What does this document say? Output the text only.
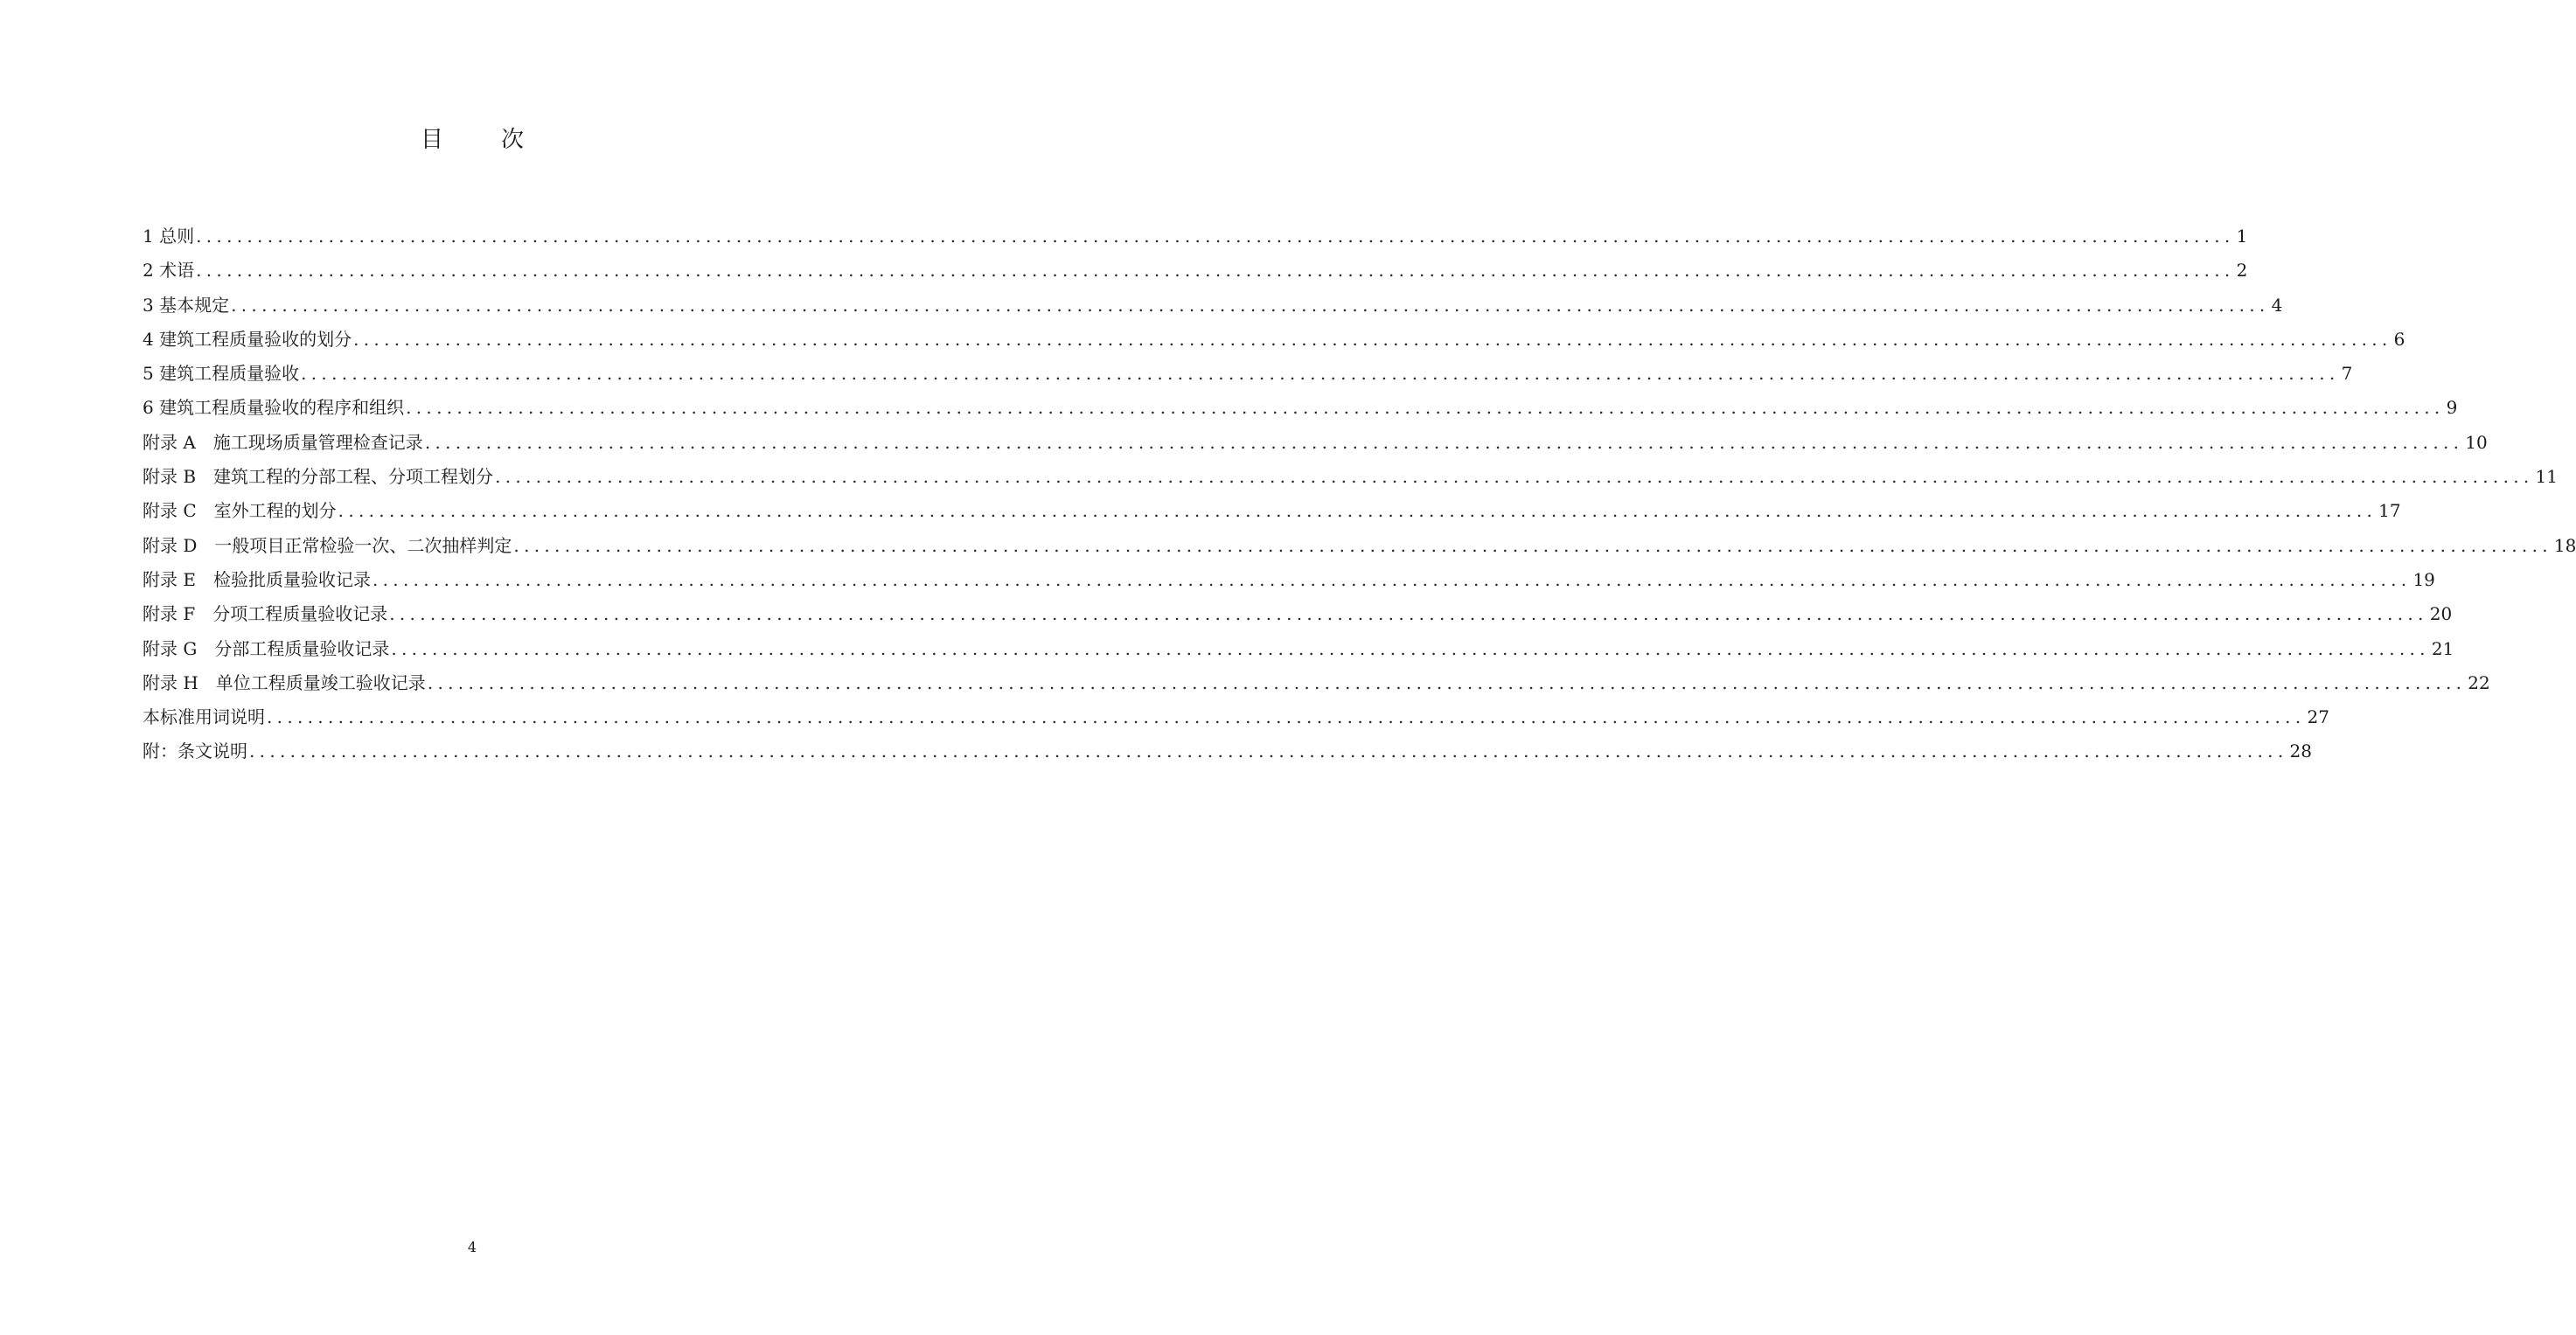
目　次
1 总则 ........................................................................................................................................................................................................ 1
2 术语 ........................................................................................................................................................................................................ 2
3 基本规定 ........................................................................................................................................................................................................ 4
4 建筑工程质量验收的划分 ........................................................................................................................................................................................................ 6
5 建筑工程质量验收 ........................................................................................................................................................................................................ 7
6 建筑工程质量验收的程序和组织 ........................................................................................................................................................................................................ 9
附录 A　施工现场质量管理检查记录 ........................................................................................................................................................................................................ 10
附录 B　建筑工程的分部工程、分项工程划分 ........................................................................................................................................................................................................ 11
附录 C　室外工程的划分 ........................................................................................................................................................................................................ 17
附录 D　一般项目正常检验一次、二次抽样判定 ........................................................................................................................................................................................................ 18
附录 E　检验批质量验收记录 ........................................................................................................................................................................................................ 19
附录 F　分项工程质量验收记录 ........................................................................................................................................................................................................ 20
附录 G　分部工程质量验收记录 ........................................................................................................................................................................................................ 21
附录 H　单位工程质量竣工验收记录 ........................................................................................................................................................................................................ 22
本标准用词说明 ........................................................................................................................................................................................................ 27
附：条文说明 ........................................................................................................................................................................................................ 28
4
